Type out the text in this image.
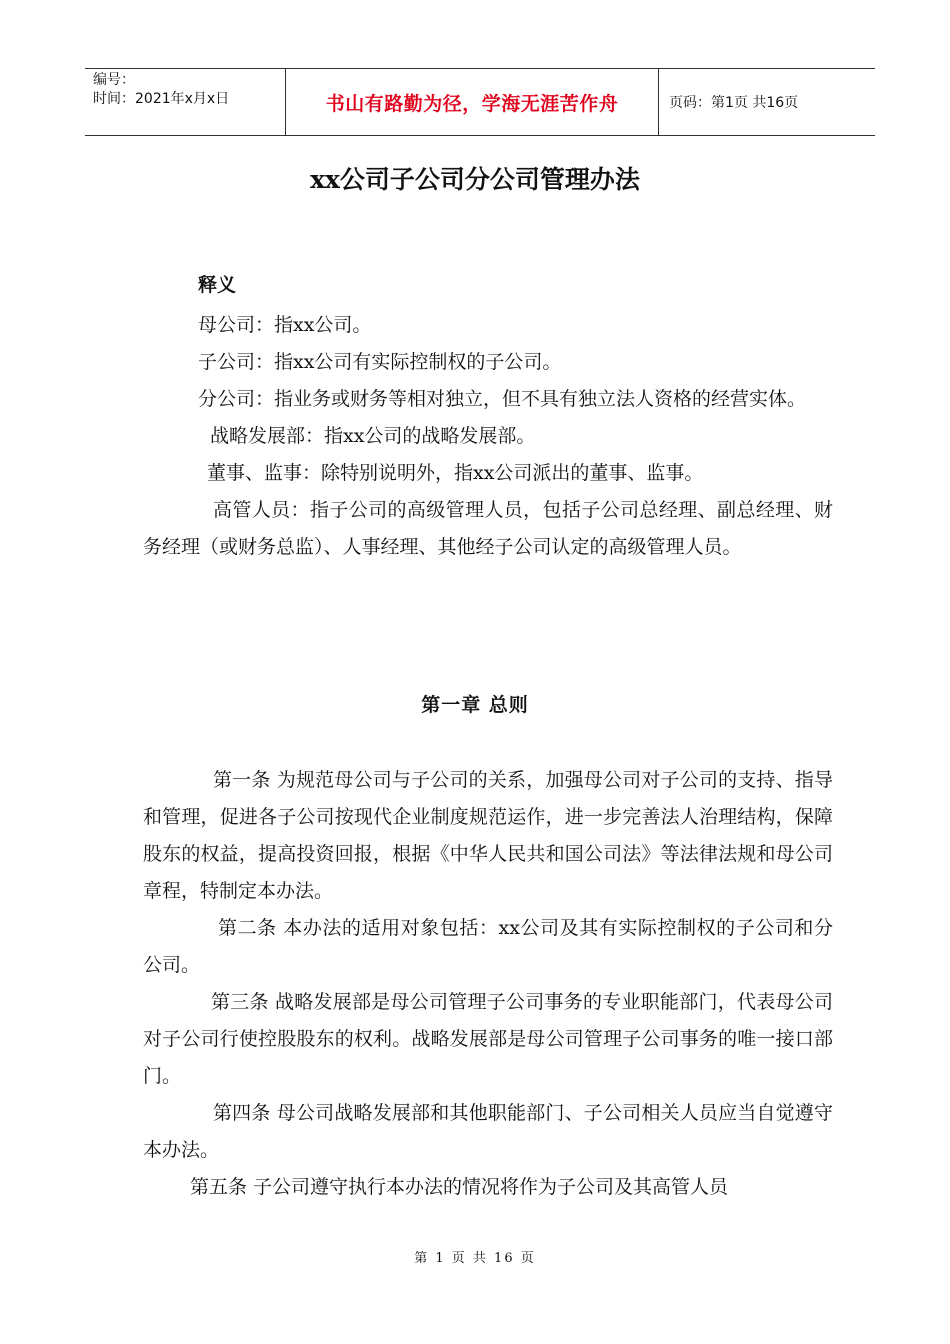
编号：
时间：2021年x月x日	书山有路勤为径，学海无涯苦作舟	页码：第1页 共16页
xx公司子公司分公司管理办法
释义

母公司：指xx公司。

子公司：指xx公司有实际控制权的子公司。

分公司：指业务或财务等相对独立，但不具有独立法人资格的经营实体。

战略发展部：指xx公司的战略发展部。

董事、监事：除特别说明外，指xx公司派出的董事、监事。

高管人员：指子公司的高级管理人员，包括子公司总经理、副总经理、财务经理（或财务总监）、人事经理、其他经子公司认定的高级管理人员。

第一章 总则

第一条 为规范母公司与子公司的关系，加强母公司对子公司的支持、指导和管理，促进各子公司按现代企业制度规范运作，进一步完善法人治理结构，保障股东的权益，提高投资回报，根据《中华人民共和国公司法》等法律法规和母公司章程，特制定本办法。

第二条 本办法的适用对象包括：xx公司及其有实际控制权的子公司和分公司。

第三条 战略发展部是母公司管理子公司事务的专业职能部门，代表母公司对子公司行使控股股东的权利。战略发展部是母公司管理子公司事务的唯一接口部门。

第四条 母公司战略发展部和其他职能部门、子公司相关人员应当自觉遵守本办法。

第五条 子公司遵守执行本办法的情况将作为子公司及其高管人员

第 1 页 共 16 页
